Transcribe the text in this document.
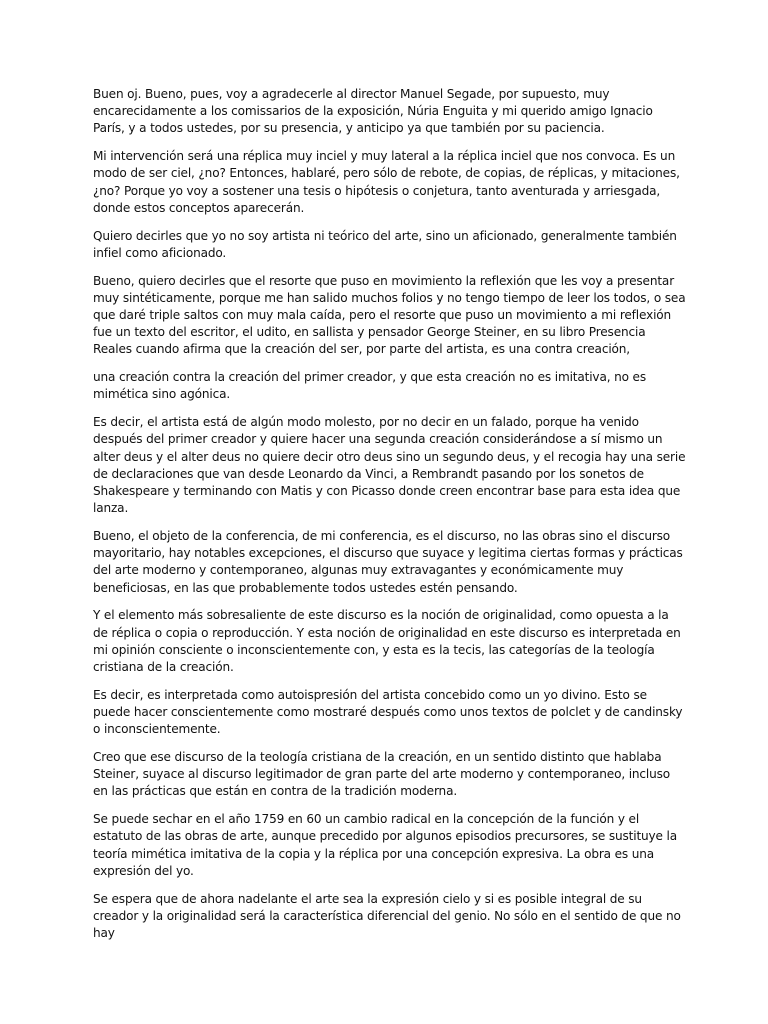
Buen oj. Bueno, pues, voy a agradecerle al director Manuel Segade, por supuesto, muy encarecidamente a los comissarios de la exposición, Núria Enguita y mi querido amigo Ignacio París, y a todos ustedes, por su presencia, y anticipo ya que también por su paciencia.

Mi intervención será una réplica muy inciel y muy lateral a la réplica inciel que nos convoca. Es un modo de ser ciel, ¿no? Entonces, hablaré, pero sólo de rebote, de copias, de réplicas, y mitaciones, ¿no? Porque yo voy a sostener una tesis o hipótesis o conjetura, tanto aventurada y arriesgada, donde estos conceptos aparecerán.

Quiero decirles que yo no soy artista ni teórico del arte, sino un aficionado, generalmente también infiel como aficionado.

Bueno, quiero decirles que el resorte que puso en movimiento la reflexión que les voy a presentar muy sintéticamente, porque me han salido muchos folios y no tengo tiempo de leer los todos, o sea que daré triple saltos con muy mala caída, pero el resorte que puso un movimiento a mi reflexión fue un texto del escritor, el udito, en sallista y pensador George Steiner, en su libro Presencia Reales cuando afirma que la creación del ser, por parte del artista, es una contra creación,

una creación contra la creación del primer creador, y que esta creación no es imitativa, no es mimética sino agónica.

Es decir, el artista está de algún modo molesto, por no decir en un falado, porque ha venido después del primer creador y quiere hacer una segunda creación considerándose a sí mismo un alter deus y el alter deus no quiere decir otro deus sino un segundo deus, y el recogia hay una serie de declaraciones que van desde Leonardo da Vinci, a Rembrandt pasando por los sonetos de Shakespeare y terminando con Matis y con Picasso donde creen encontrar base para esta idea que lanza.

Bueno, el objeto de la conferencia, de mi conferencia, es el discurso, no las obras sino el discurso mayoritario, hay notables excepciones, el discurso que suyace y legitima ciertas formas y prácticas del arte moderno y contemporaneo, algunas muy extravagantes y económicamente muy beneficiosas, en las que probablemente todos ustedes estén pensando.

Y el elemento más sobresaliente de este discurso es la noción de originalidad, como opuesta a la de réplica o copia o reproducción. Y esta noción de originalidad en este discurso es interpretada en mi opinión consciente o inconscientemente con, y esta es la tecis, las categorías de la teología cristiana de la creación.

Es decir, es interpretada como autoispresión del artista concebido como un yo divino. Esto se puede hacer conscientemente como mostraré después como unos textos de polclet y de candinsky o inconscientemente.

Creo que ese discurso de la teología cristiana de la creación, en un sentido distinto que hablaba Steiner, suyace al discurso legitimador de gran parte del arte moderno y contemporaneo, incluso en las prácticas que están en contra de la tradición moderna.

Se puede sechar en el año 1759 en 60 un cambio radical en la concepción de la función y el estatuto de las obras de arte, aunque precedido por algunos episodios precursores, se sustituye la teoría mimética imitativa de la copia y la réplica por una concepción expresiva. La obra es una expresión del yo.

Se espera que de ahora nadelante el arte sea la expresión cielo y si es posible integral de su creador y la originalidad será la característica diferencial del genio. No sólo en el sentido de que no hay
